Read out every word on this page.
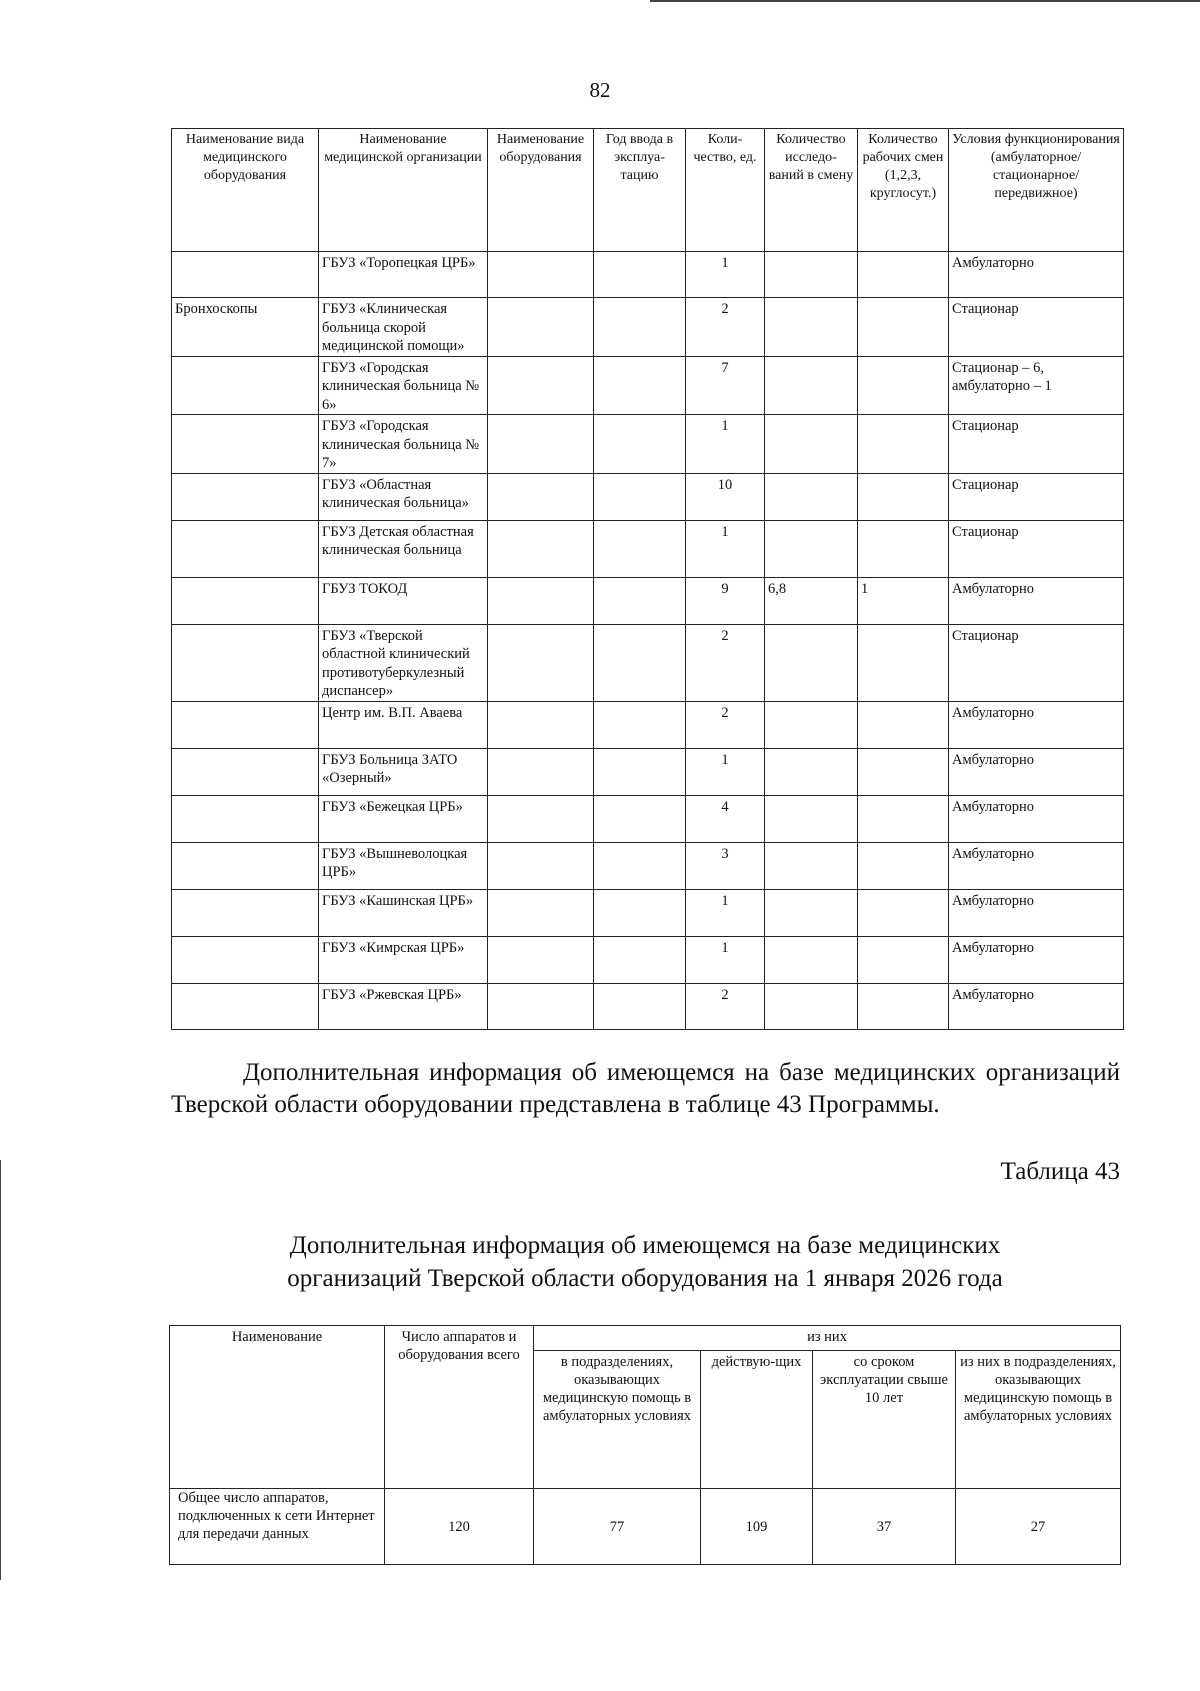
82
Наименование вида медицинского оборудования	Наименование медицинской организации	Наименование оборудования	Год ввода в эксплуа-тацию	Коли-чество, ед.	Количество исследо-ваний в смену	Количество рабочих смен (1,2,3, круглосут.)	Условия функционирования (амбулаторное/ стационарное/ передвижное)
	ГБУЗ «Торопецкая ЦРБ»			1			Амбулаторно
Бронхоскопы	ГБУЗ «Клиническая больница скорой медицинской помощи»			2			Стационар
	ГБУЗ «Городская клиническая больница № 6»			7			Стационар – 6, амбулаторно – 1
	ГБУЗ «Городская клиническая больница № 7»			1			Стационар
	ГБУЗ «Областная клиническая больница»			10			Стационар
	ГБУЗ Детская областная клиническая больница			1			Стационар
	ГБУЗ ТОКОД			9	6,8	1	Амбулаторно
	ГБУЗ «Тверской областной клинический противотуберкулезный диспансер»			2			Стационар
	Центр им. В.П. Аваева			2			Амбулаторно
	ГБУЗ Больница ЗАТО «Озерный»			1			Амбулаторно
	ГБУЗ «Бежецкая ЦРБ»			4			Амбулаторно
	ГБУЗ «Вышневолоцкая ЦРБ»			3			Амбулаторно
	ГБУЗ «Кашинская ЦРБ»			1			Амбулаторно
	ГБУЗ «Кимрская ЦРБ»			1			Амбулаторно
	ГБУЗ «Ржевская ЦРБ»			2			Амбулаторно
Дополнительная информация об имеющемся на базе медицинских организаций Тверской области оборудовании представлена в таблице 43 Программы.
Таблица 43
Дополнительная информация об имеющемся на базе медицинских
организаций Тверской области оборудования на 1 января 2026 года
Наименование	Число аппаратов и оборудования всего	из них			
		в подразделениях, оказывающих медицинскую помощь в амбулаторных условиях	действую-щих	со сроком эксплуатации свыше 10 лет	из них в подразделениях, оказывающих медицинскую помощь в амбулаторных условиях
Общее число аппаратов, подключенных к сети Интернет для передачи данных	120	77	109	37	27
